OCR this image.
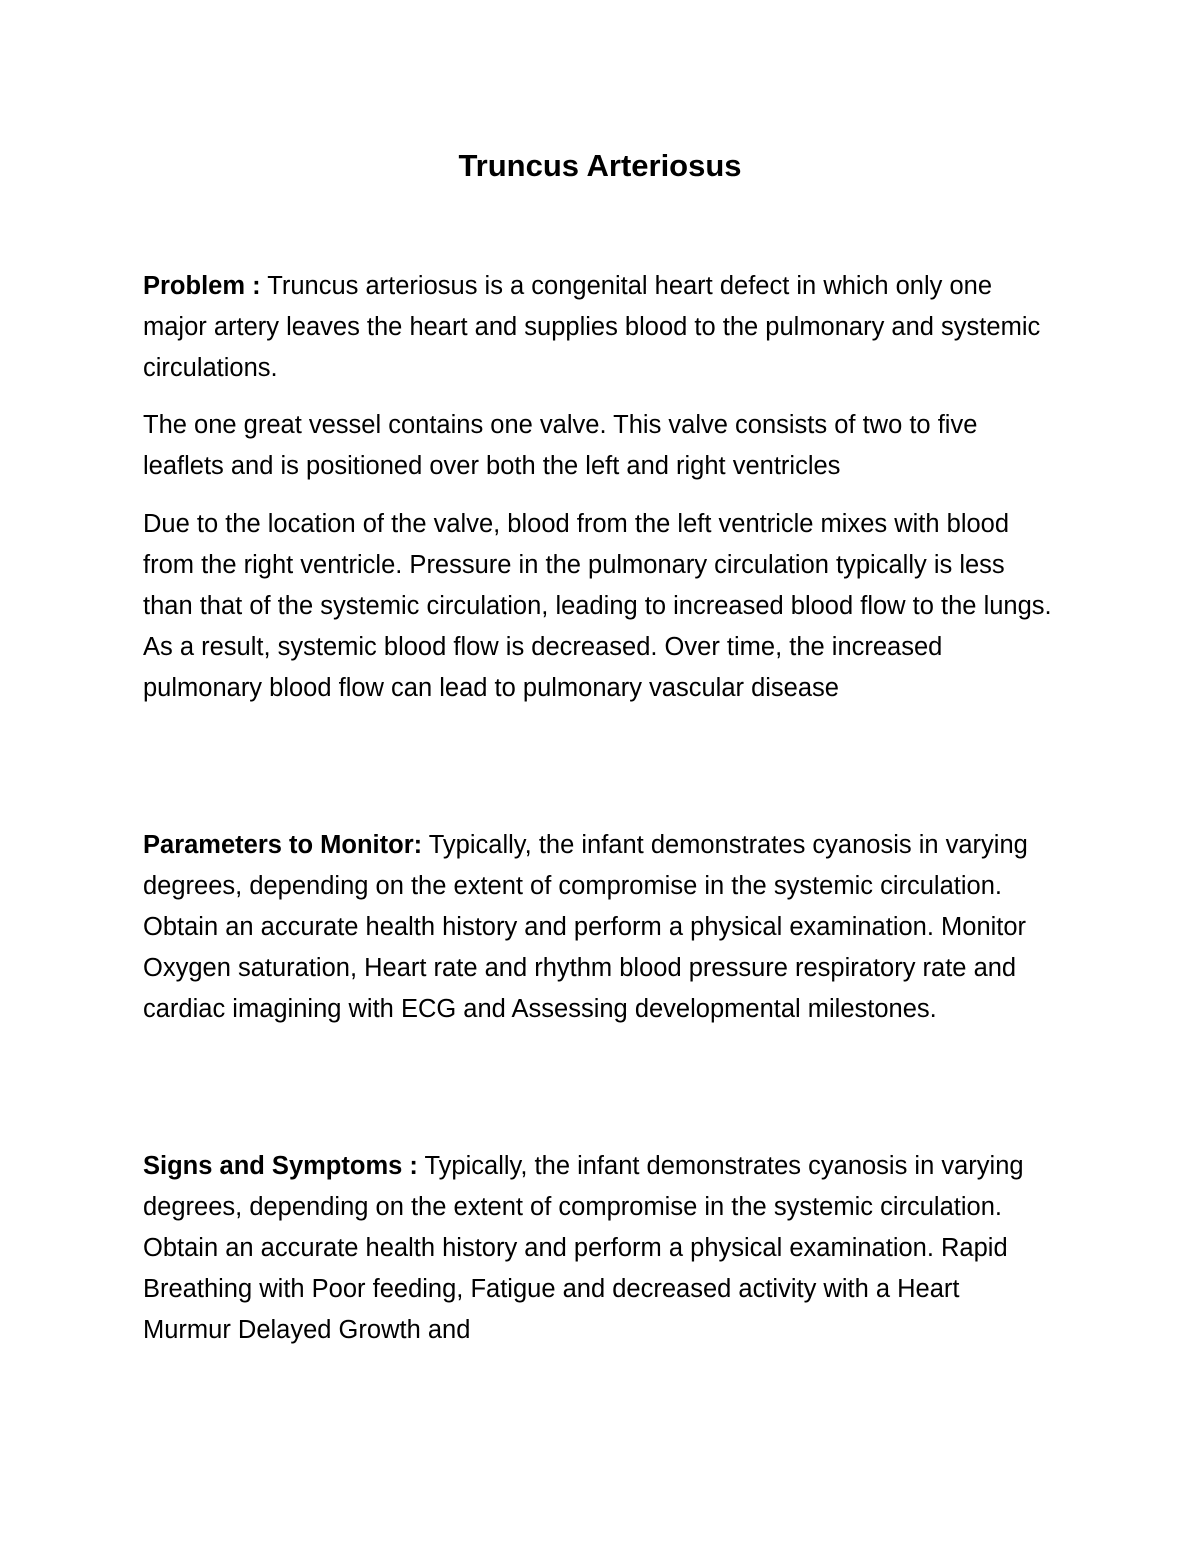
Truncus Arteriosus

Problem : Truncus arteriosus is a congenital heart defect in which only one major artery leaves the heart and supplies blood to the pulmonary and systemic circulations.

The one great vessel contains one valve. This valve consists of two to five leaflets and is positioned over both the left and right ventricles

Due to the location of the valve, blood from the left ventricle mixes with blood from the right ventricle. Pressure in the pulmonary circulation typically is less than that of the systemic circulation, leading to increased blood flow to the lungs. As a result, systemic blood flow is decreased. Over time, the increased pulmonary blood flow can lead to pulmonary vascular disease

Parameters to Monitor: Typically, the infant demonstrates cyanosis in varying degrees, depending on the extent of compromise in the systemic circulation. Obtain an accurate health history and perform a physical examination. Monitor Oxygen saturation, Heart rate and rhythm blood pressure respiratory rate and cardiac imagining with ECG and Assessing developmental milestones.

Signs and Symptoms : Typically, the infant demonstrates cyanosis in varying degrees, depending on the extent of compromise in the systemic circulation. Obtain an accurate health history and perform a physical examination. Rapid Breathing with Poor feeding, Fatigue and decreased activity with a Heart Murmur Delayed Growth and
